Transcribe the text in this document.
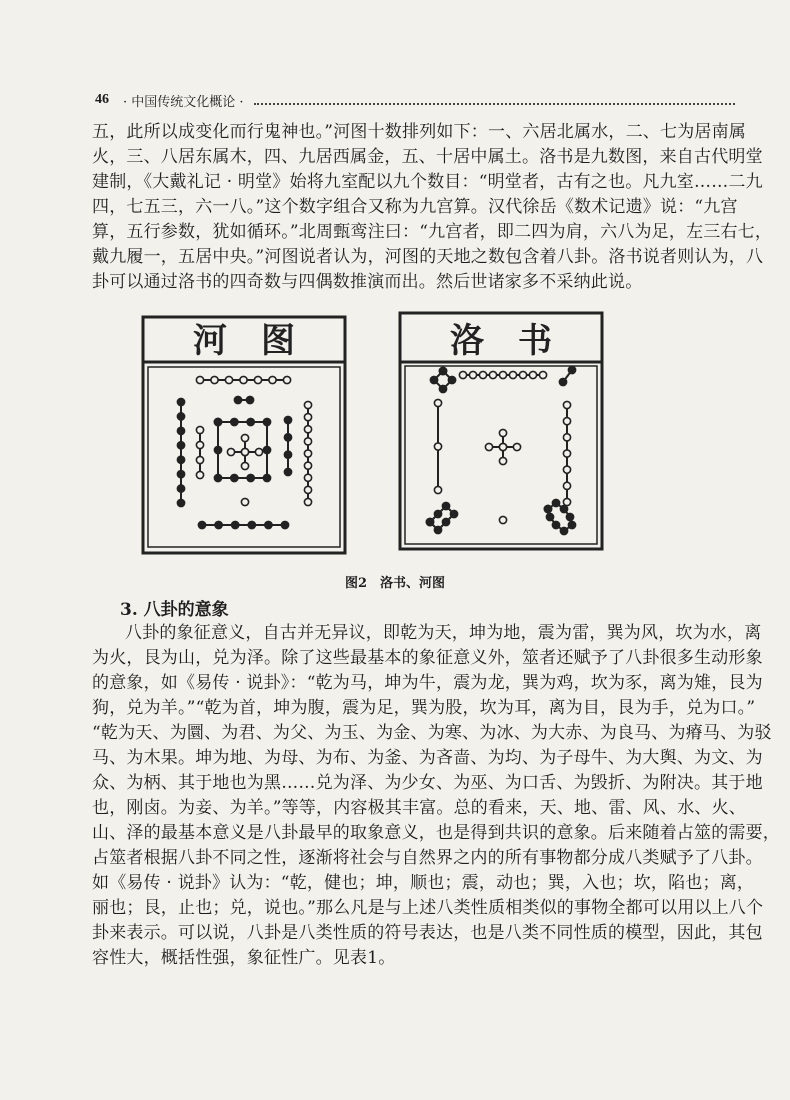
46 · 中国传统文化概论 ·
五，此所以成变化而行鬼神也。”河图十数排列如下：一、六居北属水，二、七为居南属
火，三、八居东属木，四、九居西属金，五、十居中属土。洛书是九数图，来自古代明堂
建制，《大戴礼记 · 明堂》始将九室配以九个数目：“明堂者，古有之也。凡九室……二九
四，七五三，六一八。”这个数字组合又称为九宫算。汉代徐岳《数术记遗》说：“九宫
算，五行参数，犹如循环。”北周甄鸾注曰：“九宫者，即二四为肩，六八为足，左三右七，
戴九履一，五居中央。”河图说者认为，河图的天地之数包含着八卦。洛书说者则认为，八
卦可以通过洛书的四奇数与四偶数推演而出。然后世诸家多不采纳此说。
河　图	洛　书
图2　洛书、河图
3. 八卦的意象
八卦的象征意义，自古并无异议，即乾为天，坤为地，震为雷，巽为风，坎为水，离
为火，艮为山，兑为泽。除了这些最基本的象征意义外，筮者还赋予了八卦很多生动形象
的意象，如《易传 · 说卦》：“乾为马，坤为牛，震为龙，巽为鸡，坎为豕，离为雉，艮为
狗，兑为羊。”“乾为首，坤为腹，震为足，巽为股，坎为耳，离为目，艮为手，兑为口。”
“乾为天、为圜、为君、为父、为玉、为金、为寒、为冰、为大赤、为良马、为瘠马、为驳
马、为木果。坤为地、为母、为布、为釜、为吝啬、为均、为子母牛、为大舆、为文、为
众、为柄、其于地也为黑……兑为泽、为少女、为巫、为口舌、为毁折、为附决。其于地
也，刚卤。为妾、为羊。”等等，内容极其丰富。总的看来，天、地、雷、风、水、火、
山、泽的最基本意义是八卦最早的取象意义，也是得到共识的意象。后来随着占筮的需要，
占筮者根据八卦不同之性，逐渐将社会与自然界之内的所有事物都分成八类赋予了八卦。
如《易传 · 说卦》认为：“乾，健也；坤，顺也；震，动也；巽，入也；坎，陷也；离，
丽也；艮，止也；兑，说也。”那么凡是与上述八类性质相类似的事物全都可以用以上八个
卦来表示。可以说，八卦是八类性质的符号表达，也是八类不同性质的模型，因此，其包
容性大，概括性强，象征性广。见表1。
